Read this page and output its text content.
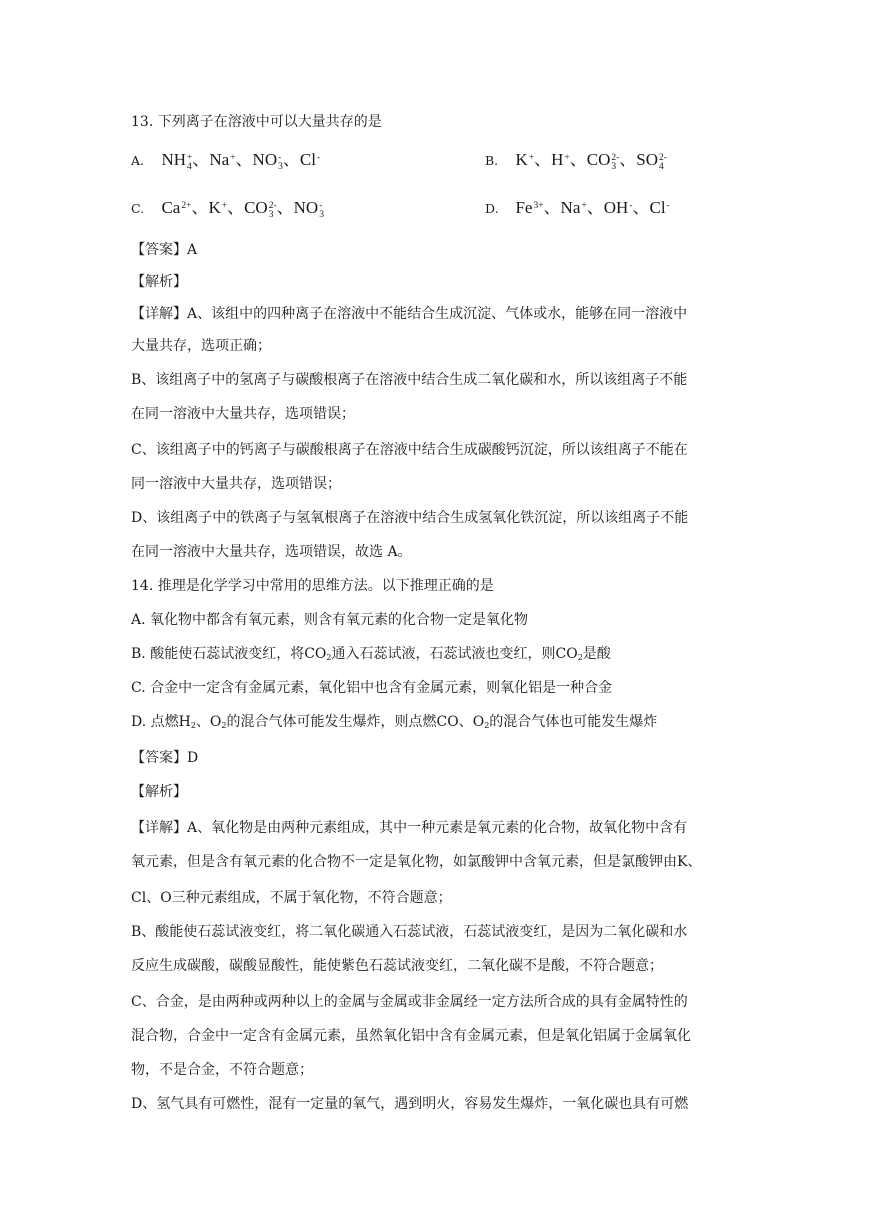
13. 下列离子在溶液中可以大量共存的是
A. NH +
4 、Na +
、NO -
3 、Cl -
	B. K +
、H +
、CO 2-
3 、SO 2-
4
C. Ca 2+
、K +
、CO 2-
3 、NO -
3	D. Fe 3+
、Na +
、OH -
、Cl -

【答案】A
【解析】
【详解】A、该组中的四种离子在溶液中不能结合生成沉淀、气体或水，能够在同一溶液中
大量共存，选项正确；
B、该组离子中的氢离子与碳酸根离子在溶液中结合生成二氧化碳和水，所以该组离子不能
在同一溶液中大量共存，选项错误；
C、该组离子中的钙离子与碳酸根离子在溶液中结合生成碳酸钙沉淀，所以该组离子不能在
同一溶液中大量共存，选项错误；
D、该组离子中的铁离子与氢氧根离子在溶液中结合生成氢氧化铁沉淀，所以该组离子不能
在同一溶液中大量共存，选项错误，故选 A。
14. 推理是化学学习中常用的思维方法。以下推理正确的是
A. 氧化物中都含有氧元素，则含有氧元素的化合物一定是氧化物
B. 酸能使石蕊试液变红，将$CO_2$通入石蕊试液，石蕊试液也变红，则$CO_2$是酸
C. 合金中一定含有金属元素，氧化铝中也含有金属元素，则氧化铝是一种合金
D. 点燃$H_2$、$O_2$的混合气体可能发生爆炸，则点燃CO、$O_2$的混合气体也可能发生爆炸
【答案】D
【解析】
【详解】A、氧化物是由两种元素组成，其中一种元素是氧元素的化合物，故氧化物中含有
氧元素，但是含有氧元素的化合物不一定是氧化物，如氯酸钾中含氧元素，但是氯酸钾由K、
Cl、O三种元素组成，不属于氧化物，不符合题意；
B、酸能使石蕊试液变红，将二氧化碳通入石蕊试液，石蕊试液变红，是因为二氧化碳和水
反应生成碳酸，碳酸显酸性，能使紫色石蕊试液变红，二氧化碳不是酸，不符合题意；
C、合金，是由两种或两种以上的金属与金属或非金属经一定方法所合成的具有金属特性的
混合物，合金中一定含有金属元素，虽然氧化铝中含有金属元素，但是氧化铝属于金属氧化
物，不是合金，不符合题意；
D、氢气具有可燃性，混有一定量的氧气，遇到明火，容易发生爆炸，一氧化碳也具有可燃
